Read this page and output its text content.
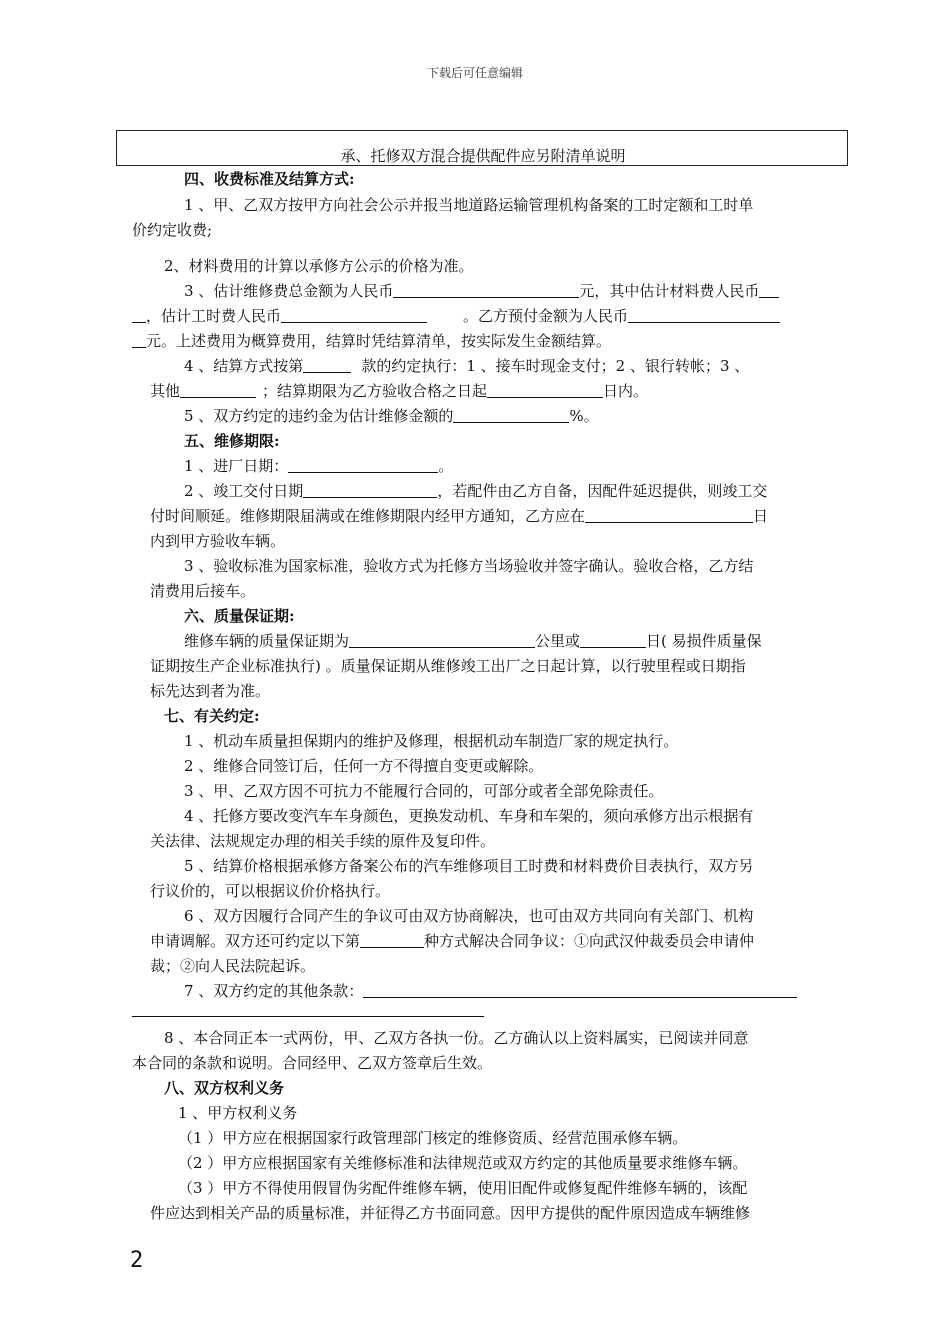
下载后可任意编辑
承、托修双方混合提供配件应另附清单说明
四、收费标准及结算方式:
1 、甲、乙双方按甲方向社会公示并报当地道路运输管理机构备案的工时定额和工时单
价约定收费;
2、材料费用的计算以承修方公示的价格为准。
3 、估计维修费总金额为人民币	元，其中估计材料费人民币
，估计工时费人民币	。乙方预付金额为人民币
元。上述费用为概算费用，结算时凭结算清单，按实际发生金额结算。
4 、结算方式按第	款的约定执行：1 、接车时现金支付；2 、银行转帐；3 、
其他	；结算期限为乙方验收合格之日起	日内。
5 、双方约定的违约金为估计维修金额的	%。
五、维修期限:
1 、进厂日期：	。
2 、竣工交付日期	，若配件由乙方自备，因配件延迟提供，则竣工交
付时间顺延。维修期限届满或在维修期限内经甲方通知，乙方应在	日
内到甲方验收车辆。
3 、验收标准为国家标准，验收方式为托修方当场验收并签字确认。验收合格，乙方结
清费用后接车。
六、质量保证期:
维修车辆的质量保证期为	公里或	日( 易损件质量保
证期按生产企业标准执行) 。质量保证期从维修竣工出厂之日起计算，以行驶里程或日期指
标先达到者为准。
七、有关约定:
1 、机动车质量担保期内的维护及修理，根据机动车制造厂家的规定执行。
2 、维修合同签订后，任何一方不得擅自变更或解除。
3 、甲、乙双方因不可抗力不能履行合同的，可部分或者全部免除责任。
4 、托修方要改变汽车车身颜色，更换发动机、车身和车架的，须向承修方出示根据有
关法律、法规规定办理的相关手续的原件及复印件。
5 、结算价格根据承修方备案公布的汽车维修项目工时费和材料费价目表执行，双方另
行议价的，可以根据议价价格执行。
6 、双方因履行合同产生的争议可由双方协商解决，也可由双方共同向有关部门、机构
申请调解。双方还可约定以下第	种方式解决合同争议：①向武汉仲裁委员会申请仲
裁；②向人民法院起诉。
7 、双方约定的其他条款：
8 、本合同正本一式两份，甲、乙双方各执一份。乙方确认以上资料属实，已阅读并同意
本合同的条款和说明。合同经甲、乙双方签章后生效。
八、双方权利义务
1 、甲方权利义务
（1 ）甲方应在根据国家行政管理部门核定的维修资质、经营范围承修车辆。
（2 ）甲方应根据国家有关维修标准和法律规范或双方约定的其他质量要求维修车辆。
（3 ）甲方不得使用假冒伪劣配件维修车辆，使用旧配件或修复配件维修车辆的，该配
件应达到相关产品的质量标准，并征得乙方书面同意。因甲方提供的配件原因造成车辆维修
2
